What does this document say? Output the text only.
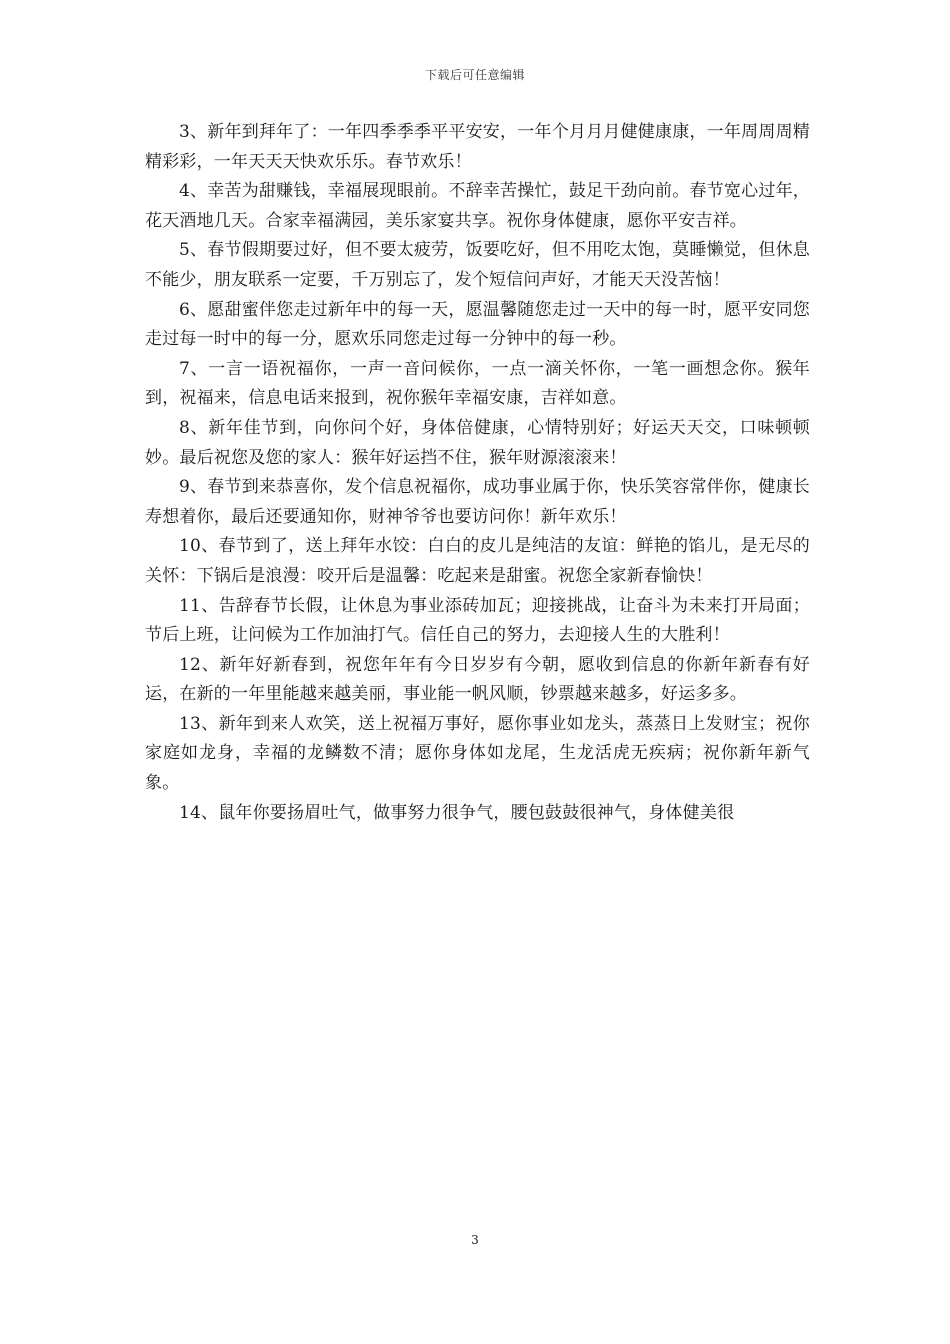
下载后可任意编辑

3、新年到拜年了：一年四季季季平平安安，一年个月月月健健康康，一年周周周精精彩彩，一年天天天快欢乐乐。春节欢乐！

4、幸苦为甜赚钱，幸福展现眼前。不辞幸苦操忙，鼓足干劲向前。春节宽心过年，花天酒地几天。合家幸福满园，美乐家宴共享。祝你身体健康，愿你平安吉祥。

5、春节假期要过好，但不要太疲劳，饭要吃好，但不用吃太饱，莫睡懒觉，但休息不能少，朋友联系一定要，千万别忘了，发个短信问声好，才能天天没苦恼！

6、愿甜蜜伴您走过新年中的每一天，愿温馨随您走过一天中的每一时，愿平安同您走过每一时中的每一分，愿欢乐同您走过每一分钟中的每一秒。

7、一言一语祝福你，一声一音问候你，一点一滴关怀你，一笔一画想念你。猴年到，祝福来，信息电话来报到，祝你猴年幸福安康，吉祥如意。

8、新年佳节到，向你问个好，身体倍健康，心情特别好；好运天天交，口味顿顿妙。最后祝您及您的家人：猴年好运挡不住，猴年财源滚滚来！

9、春节到来恭喜你，发个信息祝福你，成功事业属于你，快乐笑容常伴你，健康长寿想着你，最后还要通知你，财神爷爷也要访问你！新年欢乐！

10、春节到了，送上拜年水饺：白白的皮儿是纯洁的友谊：鲜艳的馅儿，是无尽的关怀：下锅后是浪漫：咬开后是温馨：吃起来是甜蜜。祝您全家新春愉快！

11、告辞春节长假，让休息为事业添砖加瓦；迎接挑战，让奋斗为未来打开局面；节后上班，让问候为工作加油打气。信任自己的努力，去迎接人生的大胜利！

12、新年好新春到，祝您年年有今日岁岁有今朝，愿收到信息的你新年新春有好运，在新的一年里能越来越美丽，事业能一帆风顺，钞票越来越多，好运多多。

13、新年到来人欢笑，送上祝福万事好，愿你事业如龙头，蒸蒸日上发财宝；祝你家庭如龙身，幸福的龙鳞数不清；愿你身体如龙尾，生龙活虎无疾病；祝你新年新气象。

14、鼠年你要扬眉吐气，做事努力很争气，腰包鼓鼓很神气，身体健美很

3
